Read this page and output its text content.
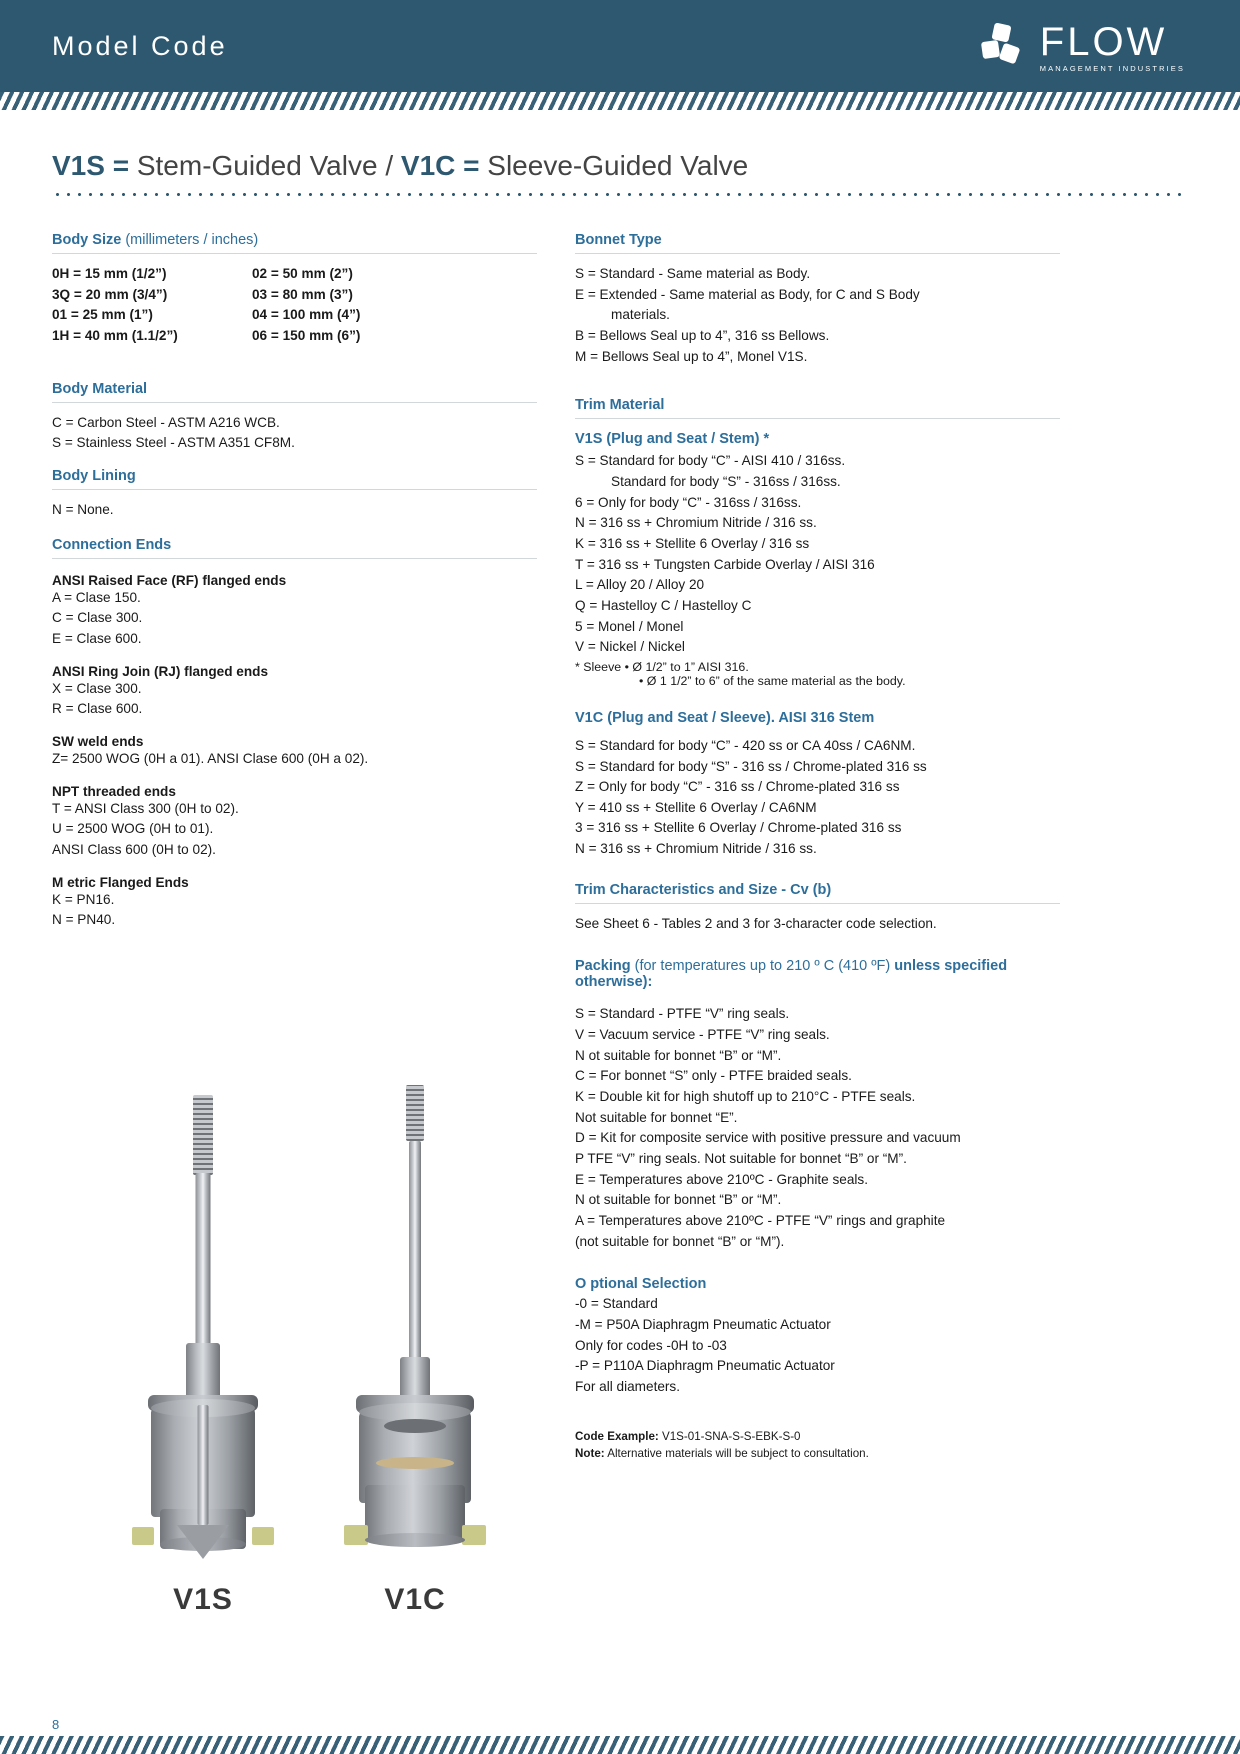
Model Code	FLOW
MANAGEMENT INDUSTRIES
V1S = Stem-Guided Valve / V1C = Sleeve-Guided Valve
Body Size (millimeters / inches)
0H = 15 mm (1/2”)
3Q = 20 mm (3/4”)
01 = 25 mm (1”)
1H = 40 mm (1.1/2”)
02 = 50 mm (2”)
03 = 80 mm (3”)
04 = 100 mm (4”)
06 = 150 mm (6”)
Body Material
C = Carbon Steel - ASTM A216 WCB.
S = Stainless Steel - ASTM A351 CF8M.
Body Lining
N = None.
Connection Ends
ANSI Raised Face (RF) flanged ends
A = Clase 150.
C = Clase 300.
E = Clase 600.
ANSI Ring Join (RJ) flanged ends
X = Clase 300.
R = Clase 600.
SW weld ends
Z= 2500 WOG (0H a 01). ANSI Clase 600 (0H a 02).
NPT threaded ends
T = ANSI Class 300 (0H to 02).
U = 2500 WOG (0H to 01).
ANSI Class 600 (0H to 02).
M etric Flanged Ends
K = PN16.
N = PN40.
Bonnet Type
S = Standard - Same material as Body.
E = Extended - Same material as Body, for C and S Body
materials.
B = Bellows Seal up to 4”, 316 ss Bellows.
M = Bellows Seal up to 4”, Monel V1S.
Trim Material
V1S (Plug and Seat / Stem) *
S = Standard for body “C” - AISI 410 / 316ss.
Standard for body “S” - 316ss / 316ss.
6 = Only for body “C” - 316ss / 316ss.
N = 316 ss + Chromium Nitride / 316 ss.
K = 316 ss + Stellite 6 Overlay / 316 ss
T = 316 ss + Tungsten Carbide Overlay / AISI 316
L = Alloy 20 / Alloy 20
Q = Hastelloy C / Hastelloy C
5 = Monel / Monel
V = Nickel / Nickel
* Sleeve • Ø 1/2” to 1” AISI 316.
• Ø 1 1/2” to 6” of the same material as the body.
V1C (Plug and Seat / Sleeve). AISI 316 Stem
S = Standard for body “C” - 420 ss or CA 40ss / CA6NM.
S = Standard for body “S” - 316 ss / Chrome-plated 316 ss
Z = Only for body “C” - 316 ss / Chrome-plated 316 ss
Y = 410 ss + Stellite 6 Overlay / CA6NM
3 = 316 ss + Stellite 6 Overlay / Chrome-plated 316 ss
N = 316 ss + Chromium Nitride / 316 ss.
Trim Characteristics and Size - Cv (b)
See Sheet 6 - Tables 2 and 3 for 3-character code selection.
Packing (for temperatures up to 210 º C (410 ºF) unless specified otherwise):
S = Standard - PTFE “V” ring seals.
V = Vacuum service - PTFE “V” ring seals.
N ot suitable for bonnet “B” or “M”.
C = For bonnet “S” only - PTFE braided seals.
K = Double kit for high shutoff up to 210°C - PTFE seals.
Not suitable for bonnet “E”.
D = Kit for composite service with positive pressure and vacuum
P TFE “V” ring seals. Not suitable for bonnet “B” or “M”.
E = Temperatures above 210ºC - Graphite seals.
N ot suitable for bonnet “B” or “M”.
A = Temperatures above 210ºC - PTFE “V” rings and graphite
(not suitable for bonnet “B” or “M”).
O ptional Selection
-0 = Standard
-M = P50A Diaphragm Pneumatic Actuator
Only for codes -0H to -03
-P = P110A Diaphragm Pneumatic Actuator
For all diameters.
Code Example: V1S-01-SNA-S-S-EBK-S-0
Note: Alternative materials will be subject to consultation.
V1S	V1C
8
